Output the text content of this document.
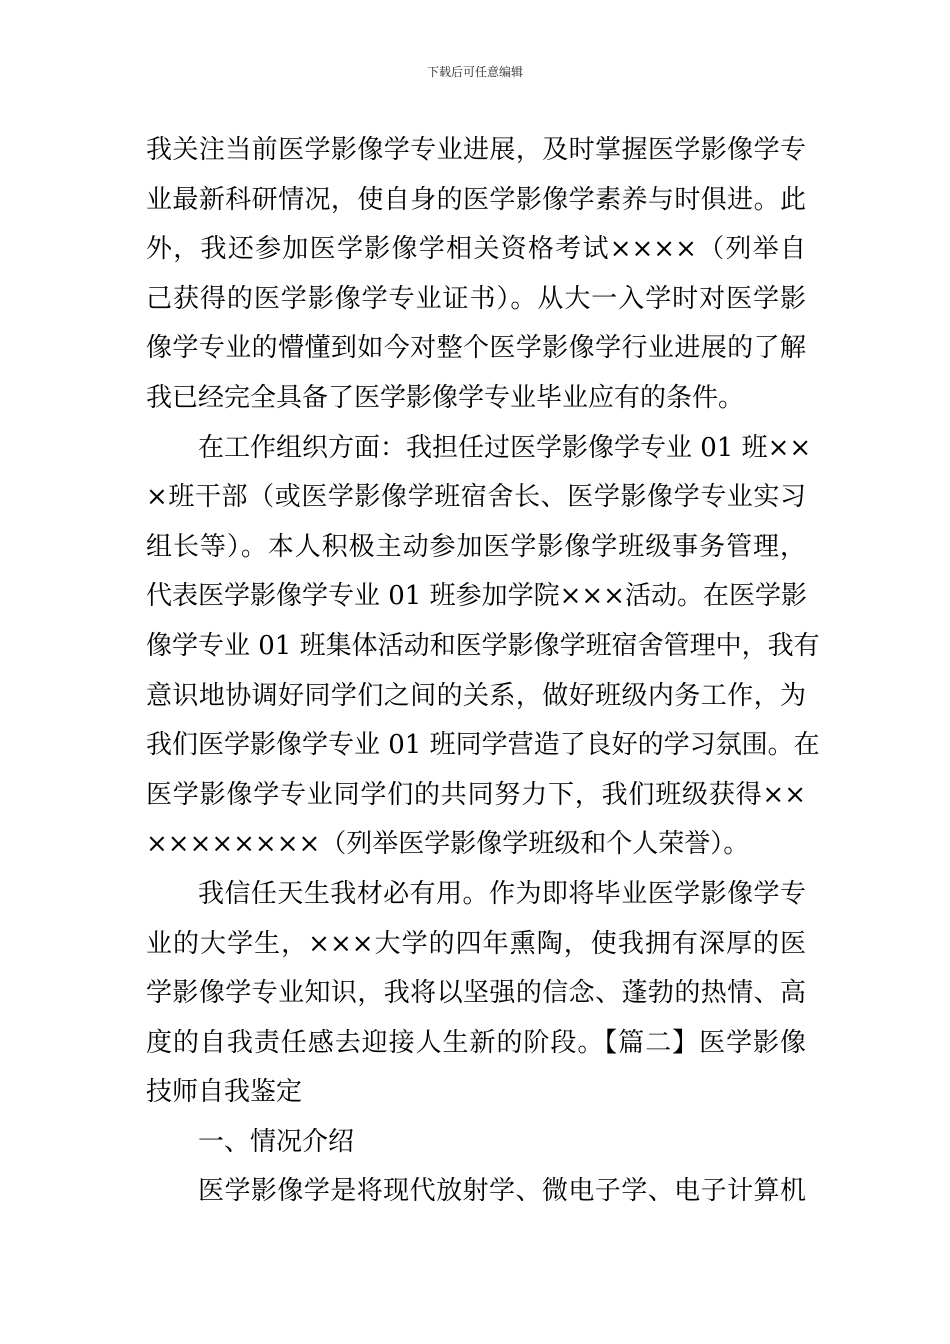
下载后可任意编辑
我关注当前医学影像学专业进展，及时掌握医学影像学专
业最新科研情况，使自身的医学影像学素养与时俱进。此
外，我还参加医学影像学相关资格考试××××（列举自
己获得的医学影像学专业证书）。从大一入学时对医学影
像学专业的懵懂到如今对整个医学影像学行业进展的了解
我已经完全具备了医学影像学专业毕业应有的条件。
在工作组织方面：我担任过医学影像学专业 01 班××
×班干部（或医学影像学班宿舍长、医学影像学专业实习
组长等）。本人积极主动参加医学影像学班级事务管理，
代表医学影像学专业 01 班参加学院×××活动。在医学影
像学专业 01 班集体活动和医学影像学班宿舍管理中，我有
意识地协调好同学们之间的关系，做好班级内务工作，为
我们医学影像学专业 01 班同学营造了良好的学习氛围。在
医学影像学专业同学们的共同努力下，我们班级获得××
××××××××（列举医学影像学班级和个人荣誉）。
我信任天生我材必有用。作为即将毕业医学影像学专
业的大学生，×××大学的四年熏陶，使我拥有深厚的医
学影像学专业知识，我将以坚强的信念、蓬勃的热情、高
度的自我责任感去迎接人生新的阶段。【篇二】医学影像
技师自我鉴定
一、情况介绍
医学影像学是将现代放射学、微电子学、电子计算机
